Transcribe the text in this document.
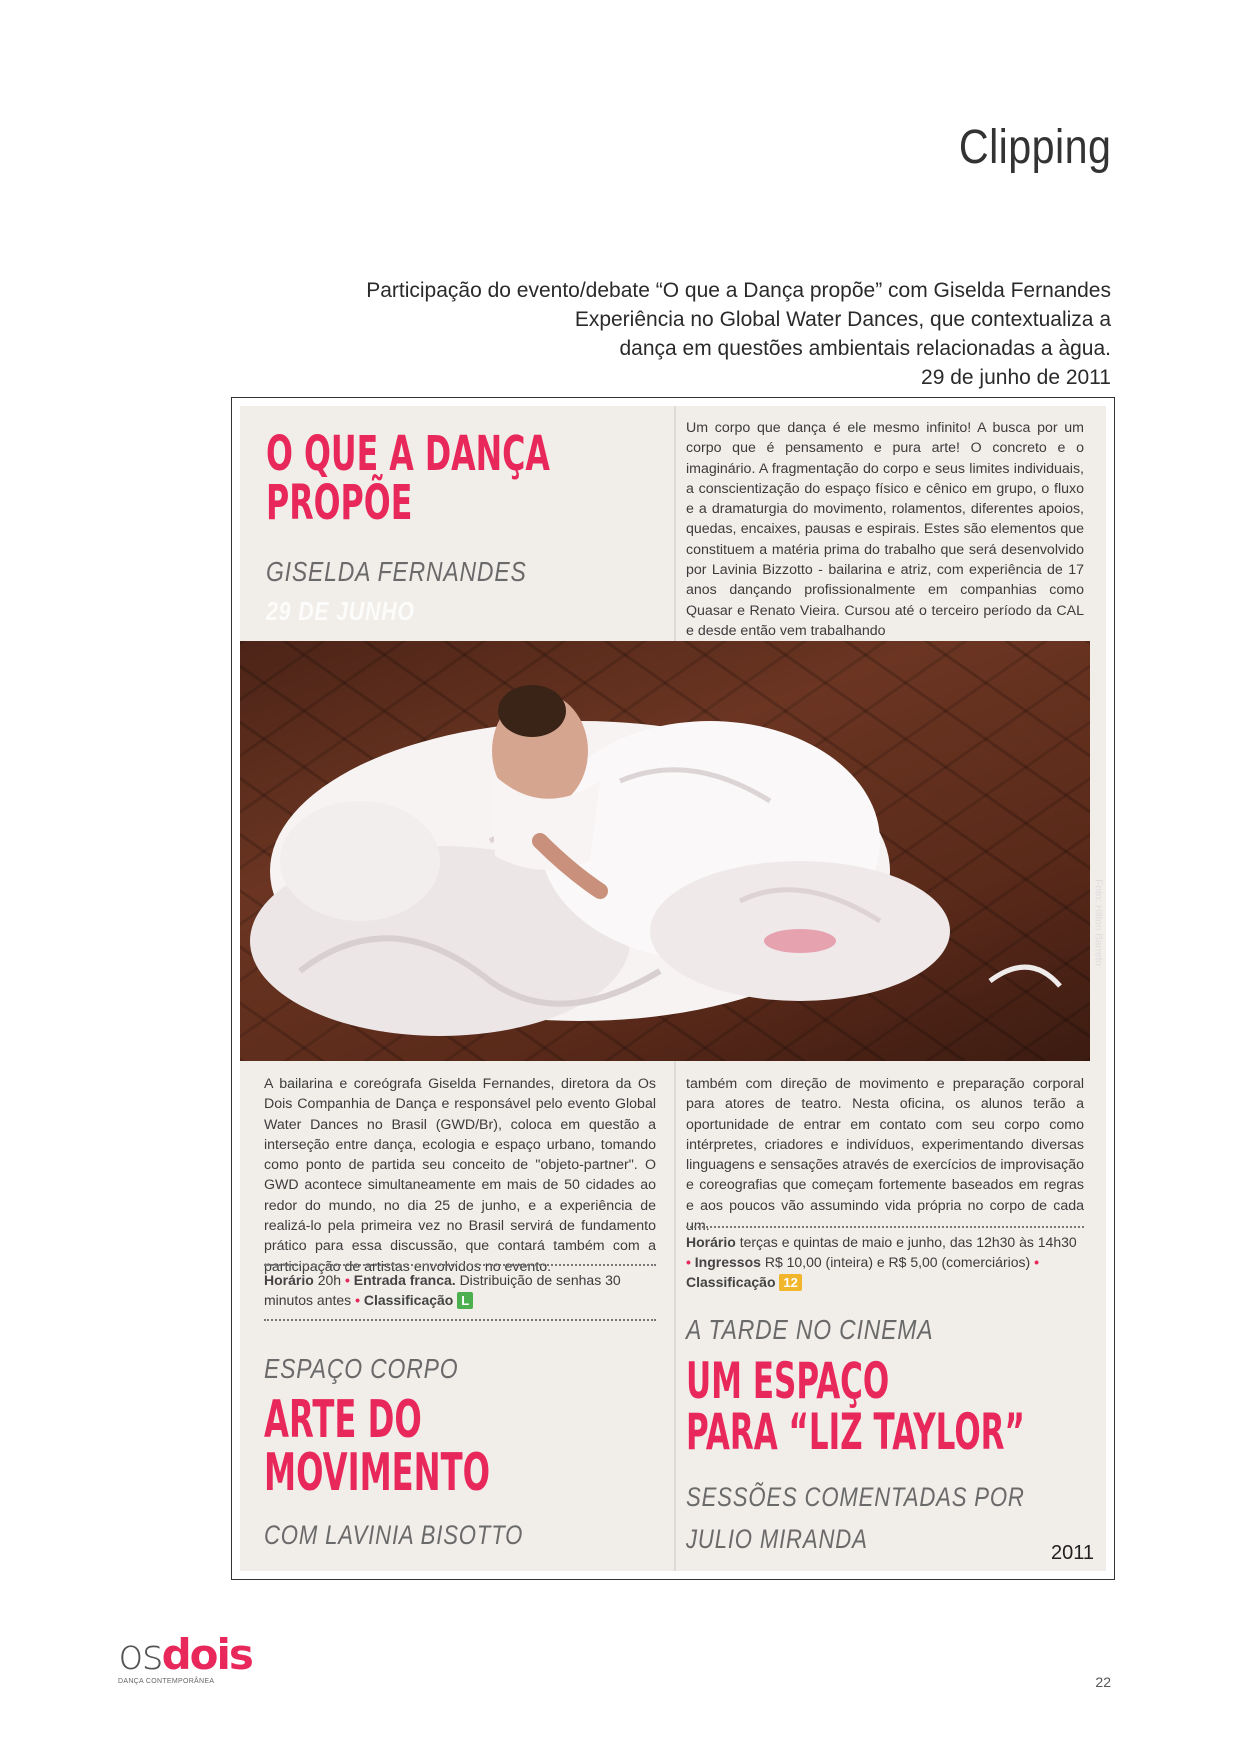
Clipping
Participação do evento/debate “O que a Dança propõe” com Giselda Fernandes
Experiência no Global Water Dances, que contextualiza a
dança em questões ambientais relacionadas a àgua.
29 de junho de 2011
O QUE A DANÇA
PROPÕE
GISELDA FERNANDES
29 DE JUNHO
Um corpo que dança é ele mesmo infinito! A busca por um corpo que é pensamento e pura arte! O concreto e o imaginário. A fragmentação do corpo e seus limites individuais, a conscientização do espaço físico e cênico em grupo, o fluxo e a dramaturgia do movimento, rolamentos, diferentes apoios, quedas, encaixes, pausas e espirais. Estes são elementos que constituem a matéria prima do trabalho que será desenvolvido por Lavinia Bizzotto - bailarina e atriz, com experiência de 17 anos dançando profissionalmente em companhias como Quasar e Renato Vieira. Cursou até o terceiro período da CAL e desde então vem trabalhando
Foto: Hilton Barreto
A bailarina e coreógrafa Giselda Fernandes, diretora da Os Dois Companhia de Dança e responsável pelo evento Global Water Dances no Brasil (GWD/Br), coloca em questão a interseção entre dança, ecologia e espaço urbano, tomando como ponto de partida seu conceito de "objeto-partner". O GWD acontece simultaneamente em mais de 50 cidades ao redor do mundo, no dia 25 de junho, e a experiência de realizá-lo pela primeira vez no Brasil servirá de fundamento prático para essa discussão, que contará também com a participação de artistas envolvidos no evento.
Horário 20h • Entrada franca. Distribuição de senhas 30 minutos antes • Classificação L
também com direção de movimento e preparação corporal para atores de teatro. Nesta oficina, os alunos terão a oportunidade de entrar em contato com seu corpo como intérpretes, criadores e indivíduos, experimentando diversas linguagens e sensações através de exercícios de improvisação e coreografias que começam fortemente baseados em regras e aos poucos vão assumindo vida própria no corpo de cada um.
Horário terças e quintas de maio e junho, das 12h30 às 14h30 • Ingressos R$ 10,00 (inteira) e R$ 5,00 (comerciários) • Classificação 12
ESPAÇO CORPO
ARTE DO
MOVIMENTO
COM LAVINIA BISOTTO
A TARDE NO CINEMA
UM ESPAÇO
PARA “LIZ TAYLOR”
SESSÕES COMENTADAS POR
JULIO MIRANDA	2011
osdois
DANÇA CONTEMPORÂNEA	22
